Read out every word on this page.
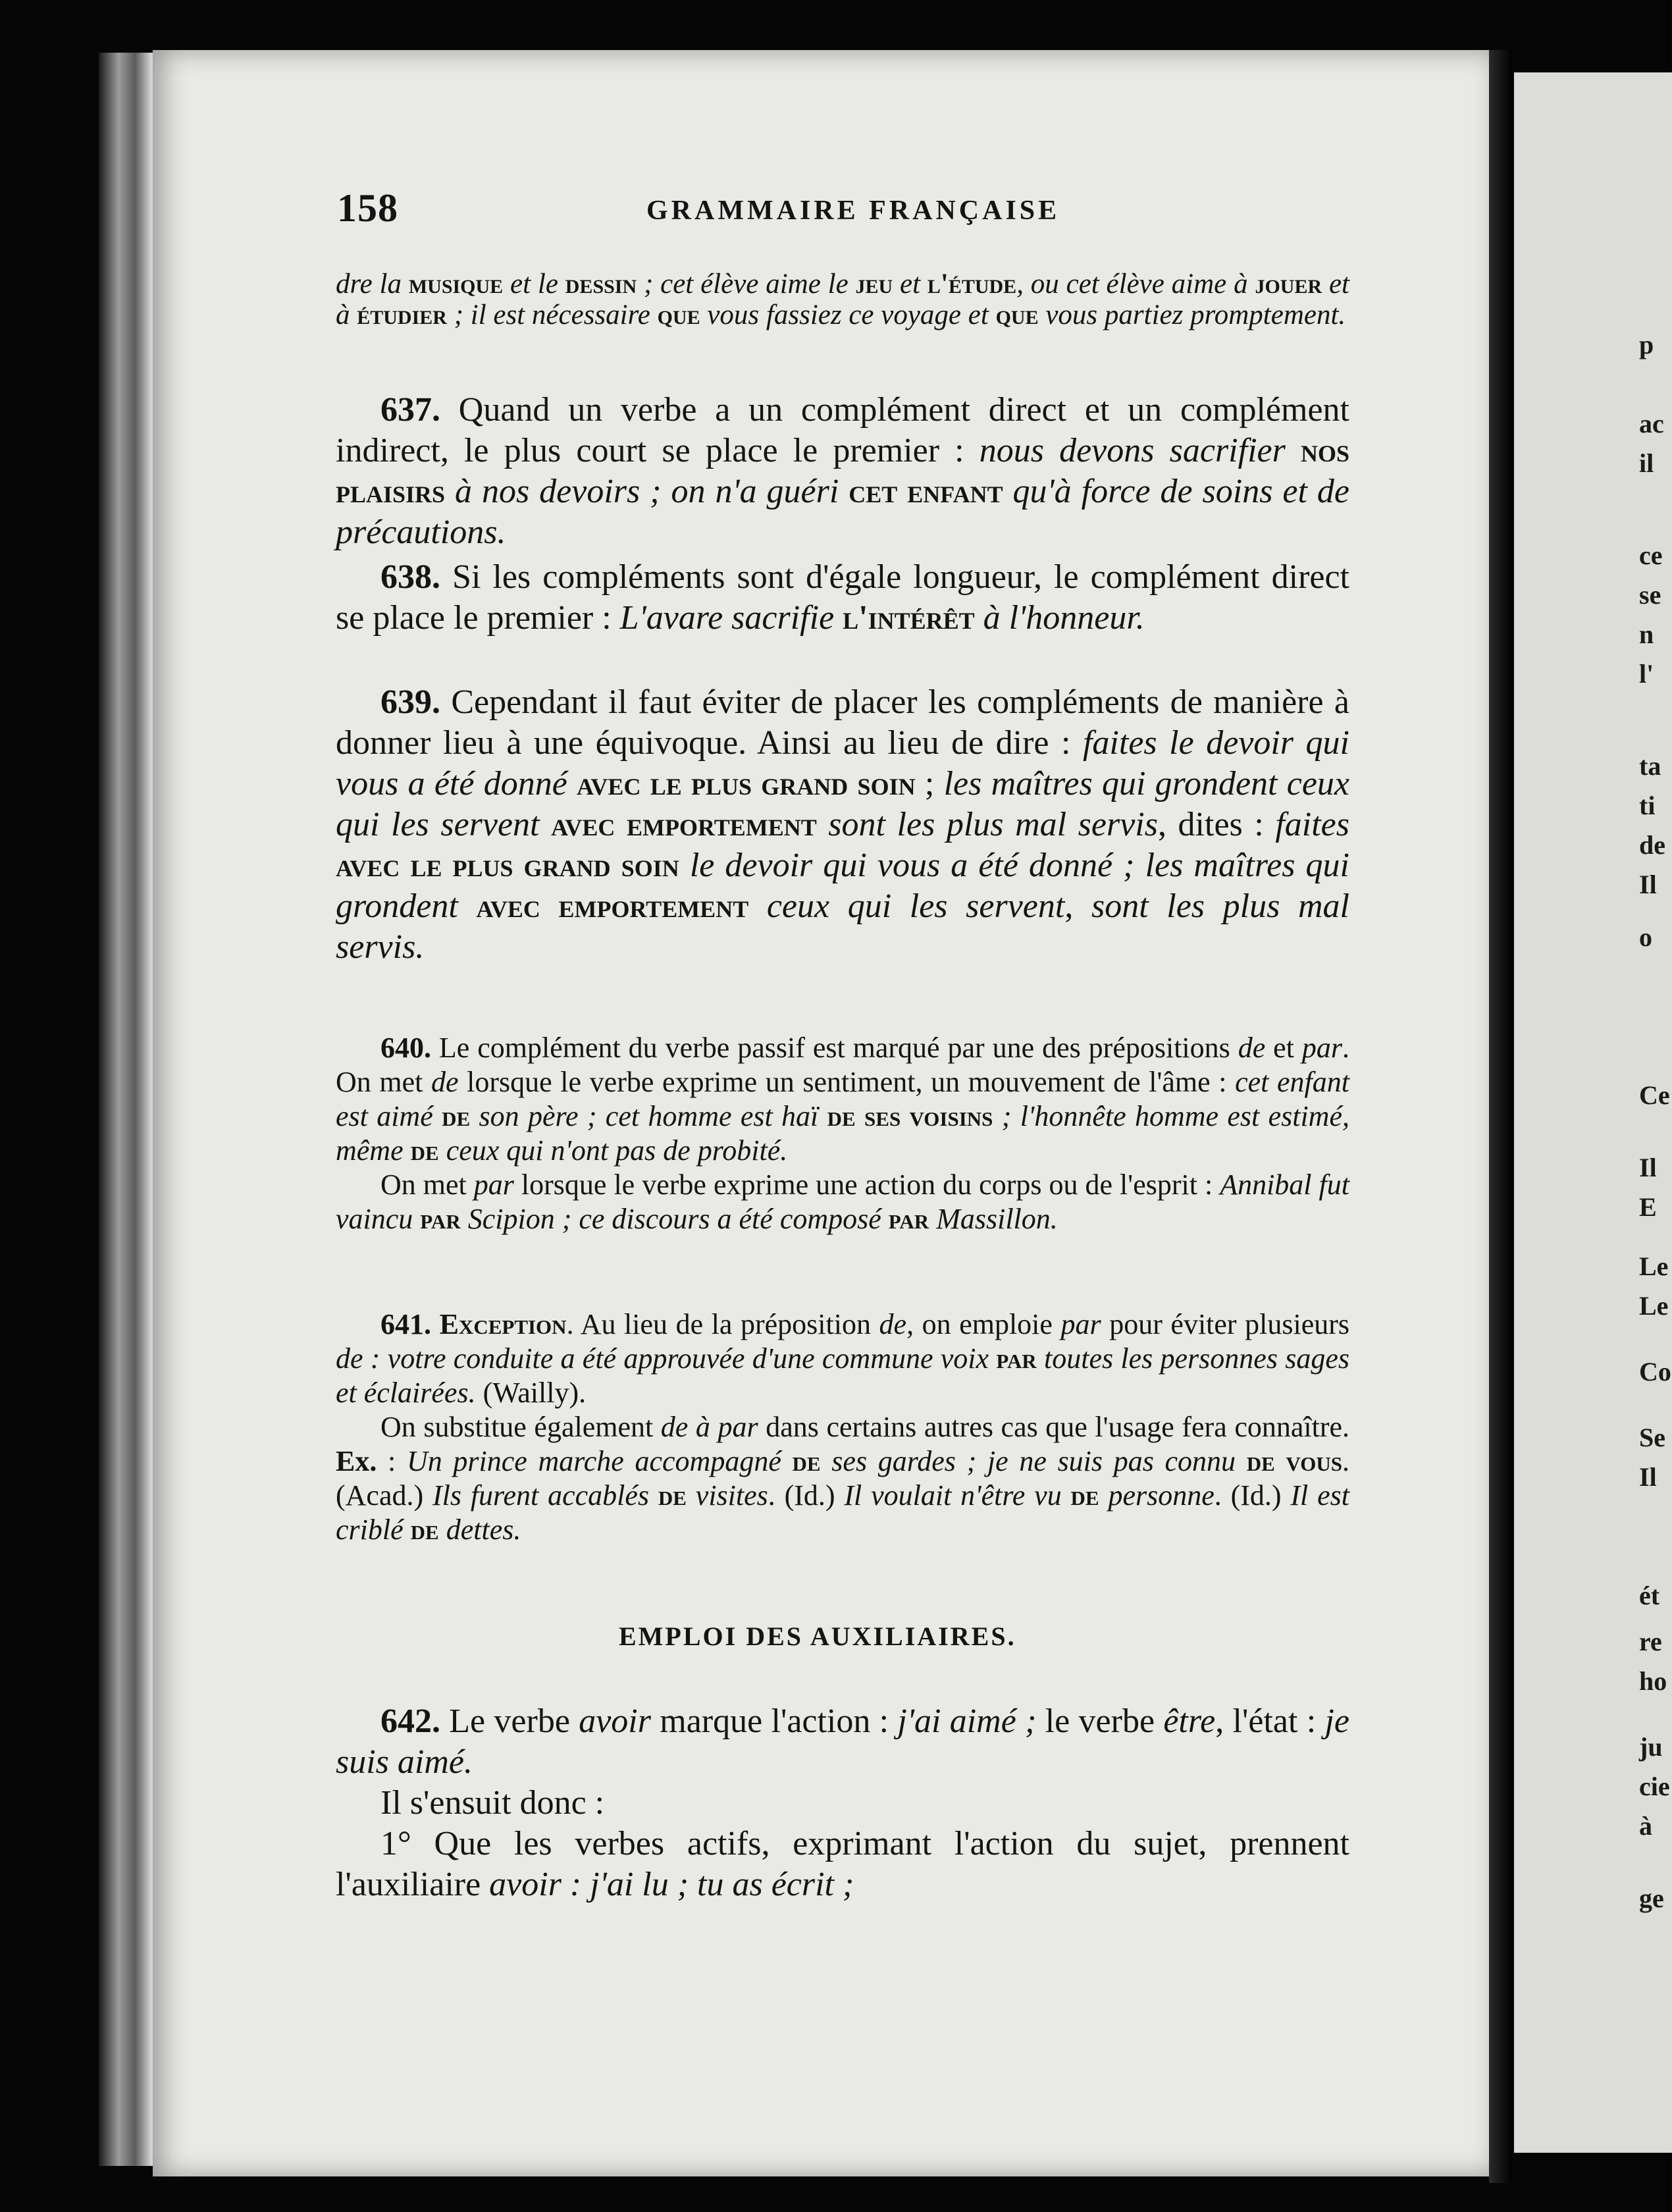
p
ac
il
ce
se
n
l'
ta
ti
de
Il
o
Ce
Il
E
Le
Le
Co
Se
Il
ét
re
ho
ju
cie
à
ge
158	GRAMMAIRE FRANÇAISE

dre la musique et le dessin ; cet élève aime le jeu et l'étude, ou cet élève aime à jouer et à étudier ; il est nécessaire que vous fassiez ce voyage et que vous partiez promptement.

637. Quand un verbe a un complément direct et un complément indirect, le plus court se place le premier : nous devons sacrifier nos plaisirs à nos devoirs ; on n'a guéri cet enfant qu'à force de soins et de précautions.

638. Si les compléments sont d'égale longueur, le complément direct se place le premier : L'avare sacrifie l'intérêt à l'honneur.

639. Cependant il faut éviter de placer les compléments de manière à donner lieu à une équivoque. Ainsi au lieu de dire : faites le devoir qui vous a été donné avec le plus grand soin ; les maîtres qui grondent ceux qui les servent avec emportement sont les plus mal servis, dites : faites avec le plus grand soin le devoir qui vous a été donné ; les maîtres qui grondent avec emportement ceux qui les servent, sont les plus mal servis.

640. Le complément du verbe passif est marqué par une des prépositions de et par. On met de lorsque le verbe exprime un sentiment, un mouvement de l'âme : cet enfant est aimé de son père ; cet homme est haï de ses voisins ; l'honnête homme est estimé, même de ceux qui n'ont pas de probité.

On met par lorsque le verbe exprime une action du corps ou de l'esprit : Annibal fut vaincu par Scipion ; ce discours a été composé par Massillon.

641. Exception. Au lieu de la préposition de, on emploie par pour éviter plusieurs de : votre conduite a été approuvée d'une commune voix par toutes les personnes sages et éclairées. (Wailly).

On substitue également de à par dans certains autres cas que l'usage fera connaître. Ex. : Un prince marche accompagné de ses gardes ; je ne suis pas connu de vous. (Acad.) Ils furent accablés de visites. (Id.) Il voulait n'être vu de personne. (Id.) Il est criblé de dettes.

EMPLOI DES AUXILIAIRES.

642. Le verbe avoir marque l'action : j'ai aimé ; le verbe être, l'état : je suis aimé.

Il s'ensuit donc :

1° Que les verbes actifs, exprimant l'action du sujet, prennent l'auxiliaire avoir : j'ai lu ; tu as écrit ;
